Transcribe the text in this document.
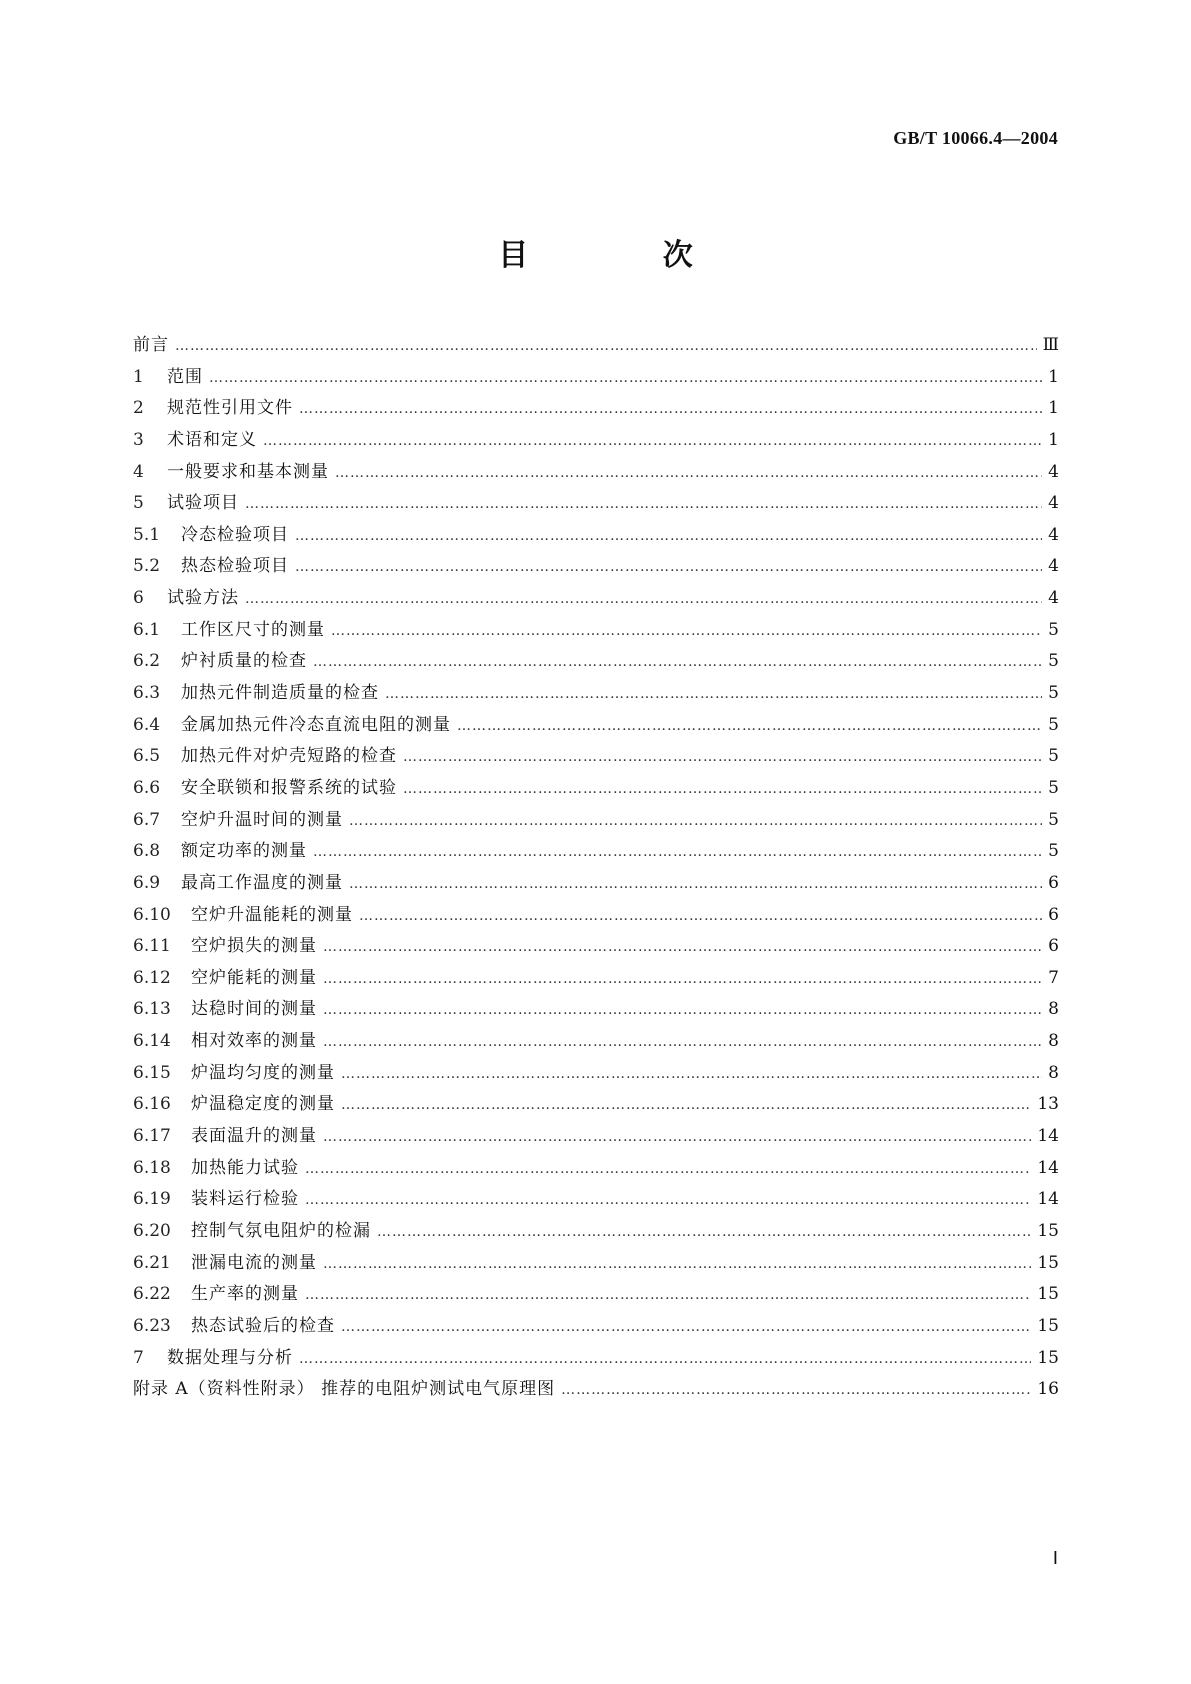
GB/T 10066.4—2004
目 次
前言 ……………………………………………………………………………………………………………………………………………………………………………………………………	Ⅲ
1	范围 ……………………………………………………………………………………………………………………………………………………………………………………………………	1
2	规范性引用文件 ……………………………………………………………………………………………………………………………………………………………………………………………………	1
3	术语和定义 ……………………………………………………………………………………………………………………………………………………………………………………………………	1
4	一般要求和基本测量 ……………………………………………………………………………………………………………………………………………………………………………………………………	4
5	试验项目 ……………………………………………………………………………………………………………………………………………………………………………………………………	4
5.1	冷态检验项目 ……………………………………………………………………………………………………………………………………………………………………………………………………	4
5.2	热态检验项目 ……………………………………………………………………………………………………………………………………………………………………………………………………	4
6	试验方法 ……………………………………………………………………………………………………………………………………………………………………………………………………	4
6.1	工作区尺寸的测量 ……………………………………………………………………………………………………………………………………………………………………………………………………	5
6.2	炉衬质量的检查 ……………………………………………………………………………………………………………………………………………………………………………………………………	5
6.3	加热元件制造质量的检查 ……………………………………………………………………………………………………………………………………………………………………………………………………	5
6.4	金属加热元件冷态直流电阻的测量 ……………………………………………………………………………………………………………………………………………………………………………………………………	5
6.5	加热元件对炉壳短路的检查 ……………………………………………………………………………………………………………………………………………………………………………………………………	5
6.6	安全联锁和报警系统的试验 ……………………………………………………………………………………………………………………………………………………………………………………………………	5
6.7	空炉升温时间的测量 ……………………………………………………………………………………………………………………………………………………………………………………………………	5
6.8	额定功率的测量 ……………………………………………………………………………………………………………………………………………………………………………………………………	5
6.9	最高工作温度的测量 ……………………………………………………………………………………………………………………………………………………………………………………………………	6
6.10	空炉升温能耗的测量 ……………………………………………………………………………………………………………………………………………………………………………………………………	6
6.11	空炉损失的测量 ……………………………………………………………………………………………………………………………………………………………………………………………………	6
6.12	空炉能耗的测量 ……………………………………………………………………………………………………………………………………………………………………………………………………	7
6.13	达稳时间的测量 ……………………………………………………………………………………………………………………………………………………………………………………………………	8
6.14	相对效率的测量 ……………………………………………………………………………………………………………………………………………………………………………………………………	8
6.15	炉温均匀度的测量 ……………………………………………………………………………………………………………………………………………………………………………………………………	8
6.16	炉温稳定度的测量 ……………………………………………………………………………………………………………………………………………………………………………………………………	13
6.17	表面温升的测量 ……………………………………………………………………………………………………………………………………………………………………………………………………	14
6.18	加热能力试验 ……………………………………………………………………………………………………………………………………………………………………………………………………	14
6.19	装料运行检验 ……………………………………………………………………………………………………………………………………………………………………………………………………	14
6.20	控制气氛电阻炉的检漏 ……………………………………………………………………………………………………………………………………………………………………………………………………	15
6.21	泄漏电流的测量 ……………………………………………………………………………………………………………………………………………………………………………………………………	15
6.22	生产率的测量 ……………………………………………………………………………………………………………………………………………………………………………………………………	15
6.23	热态试验后的检查 ……………………………………………………………………………………………………………………………………………………………………………………………………	15
7	数据处理与分析 ……………………………………………………………………………………………………………………………………………………………………………………………………	15
附录 A（资料性附录） 推荐的电阻炉测试电气原理图 ……………………………………………………………………………………………………………………………………………………………………………………………………	16
Ⅰ
